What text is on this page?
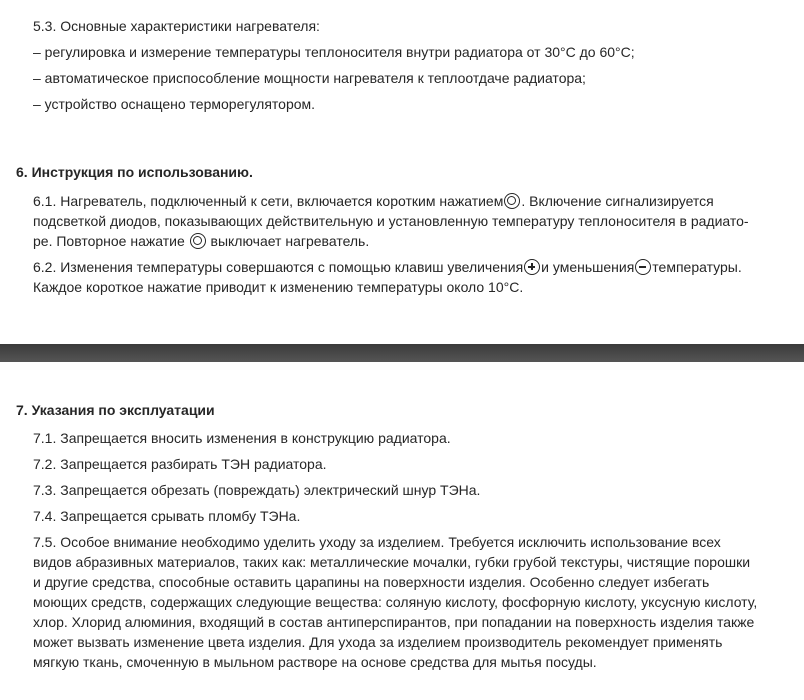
5.3. Основные характеристики нагревателя:
– регулировка и измерение температуры теплоносителя внутри радиатора от 30°С до 60°С;
– автоматическое приспособление мощности нагревателя к теплоотдаче радиатора;
– устройство оснащено терморегулятором.
6. Инструкция по использованию.
6.1. Нагреватель, подключенный к сети, включается коротким нажатием . Включение сигнализируется
подсветкой диодов, показывающих действительную и установленную температуру теплоносителя в радиато-
ре. Повторное нажатие  выключает нагреватель.
6.2. Изменения температуры совершаются с помощью клавиш увеличения и уменьшения температуры.
Каждое короткое нажатие приводит к изменению температуры около 10°С.
7. Указания по эксплуатации
7.1. Запрещается вносить изменения в конструкцию радиатора.
7.2. Запрещается разбирать ТЭН радиатора.
7.3. Запрещается обрезать (повреждать) электрический шнур ТЭНа.
7.4. Запрещается срывать пломбу ТЭНа.
7.5. Особое внимание необходимо уделить уходу за изделием. Требуется исключить использование всех
видов абразивных материалов, таких как: металлические мочалки, губки грубой текстуры, чистящие порошки
и другие средства, способные оставить царапины на поверхности изделия. Особенно следует избегать
моющих средств, содержащих следующие вещества: соляную кислоту, фосфорную кислоту, уксусную кислоту,
хлор. Хлорид алюминия, входящий в состав антиперспирантов, при попадании на поверхность изделия также
может вызвать изменение цвета изделия. Для ухода за изделием производитель рекомендует применять
мягкую ткань, смоченную в мыльном растворе на основе средства для мытья посуды.
